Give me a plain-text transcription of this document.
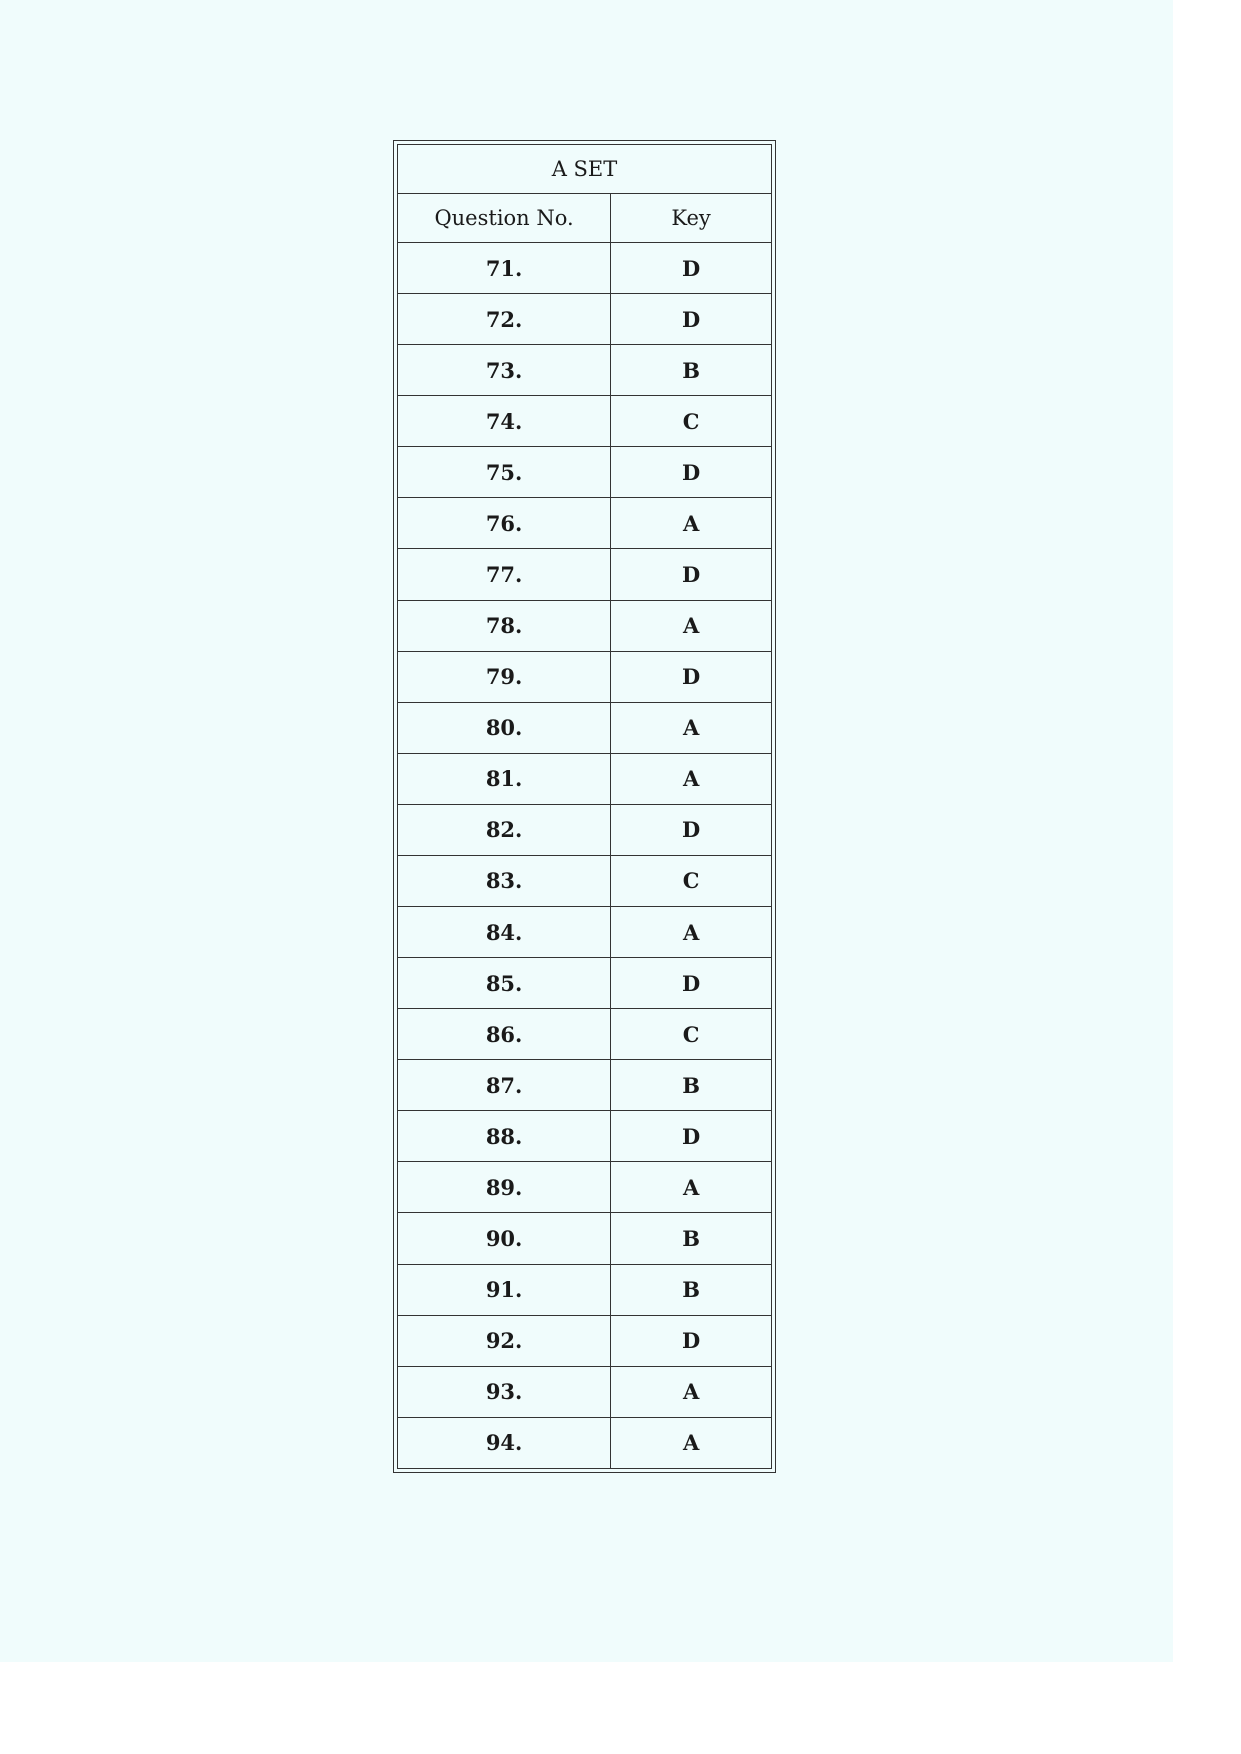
A SET	
Question No.	Key
71.	D
72.	D
73.	B
74.	C
75.	D
76.	A
77.	D
78.	A
79.	D
80.	A
81.	A
82.	D
83.	C
84.	A
85.	D
86.	C
87.	B
88.	D
89.	A
90.	B
91.	B
92.	D
93.	A
94.	A
